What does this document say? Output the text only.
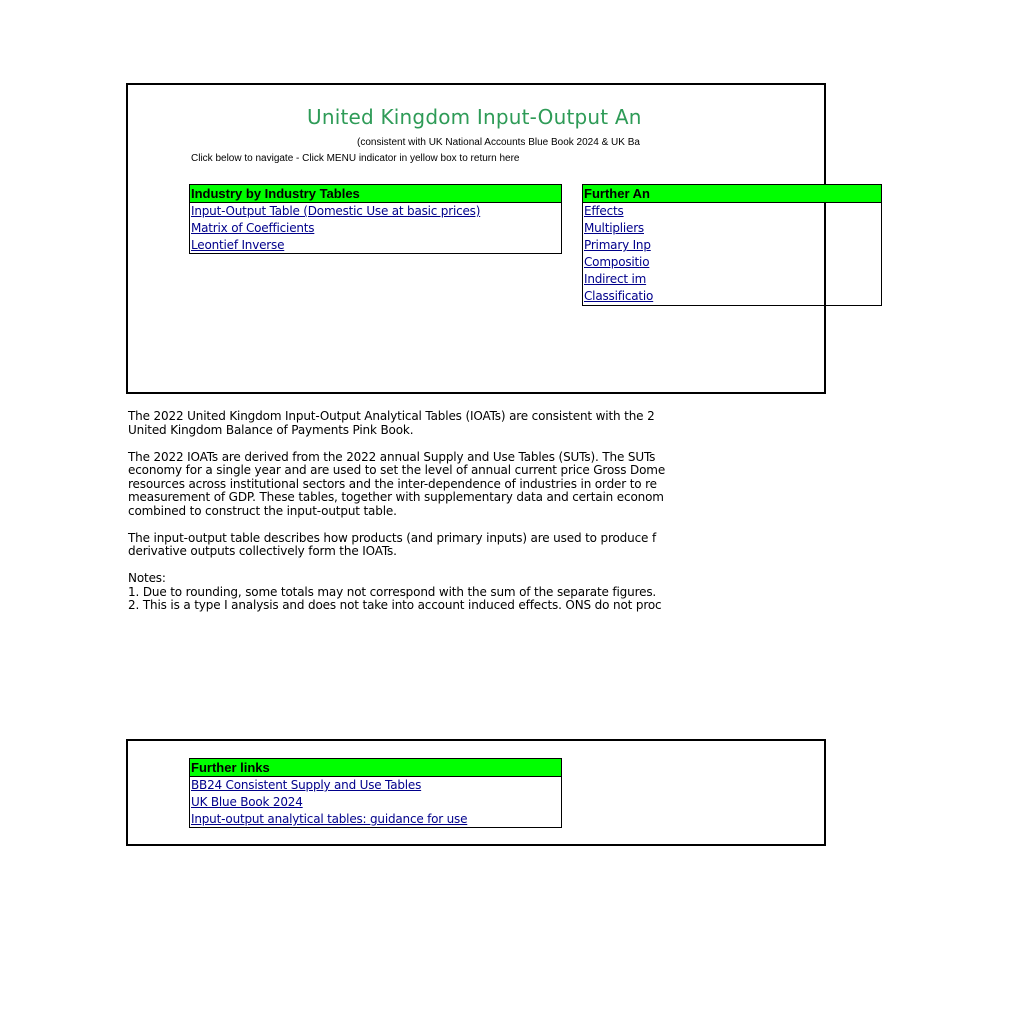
United Kingdom Input-Output An
(consistent with UK National Accounts Blue Book 2024 & UK Ba
Click below to navigate - Click MENU indicator in yellow box to return here
Industry by Industry Tables
Input-Output Table (Domestic Use at basic prices)
Matrix of Coefficients
Leontief Inverse
Further An
Effects
Multipliers
Primary Inp
Compositio
Indirect im
Classificatio

The 2022 United Kingdom Input-Output Analytical Tables (IOATs) are consistent with the 2
United Kingdom Balance of Payments Pink Book.

The 2022 IOATs are derived from the 2022 annual Supply and Use Tables (SUTs). The SUTs
economy for a single year and are used to set the level of annual current price Gross Dome
resources across institutional sectors and the inter-dependence of industries in order to re
measurement of GDP. These tables, together with supplementary data and certain econom
combined to construct the input-output table.

The input-output table describes how products (and primary inputs) are used to produce f
derivative outputs collectively form the IOATs.

Notes:

1. Due to rounding, some totals may not correspond with the sum of the separate figures.

2. This is a type I analysis and does not take into account induced effects. ONS do not proc

Further links
BB24 Consistent Supply and Use Tables
UK Blue Book 2024
Input-output analytical tables: guidance for use
